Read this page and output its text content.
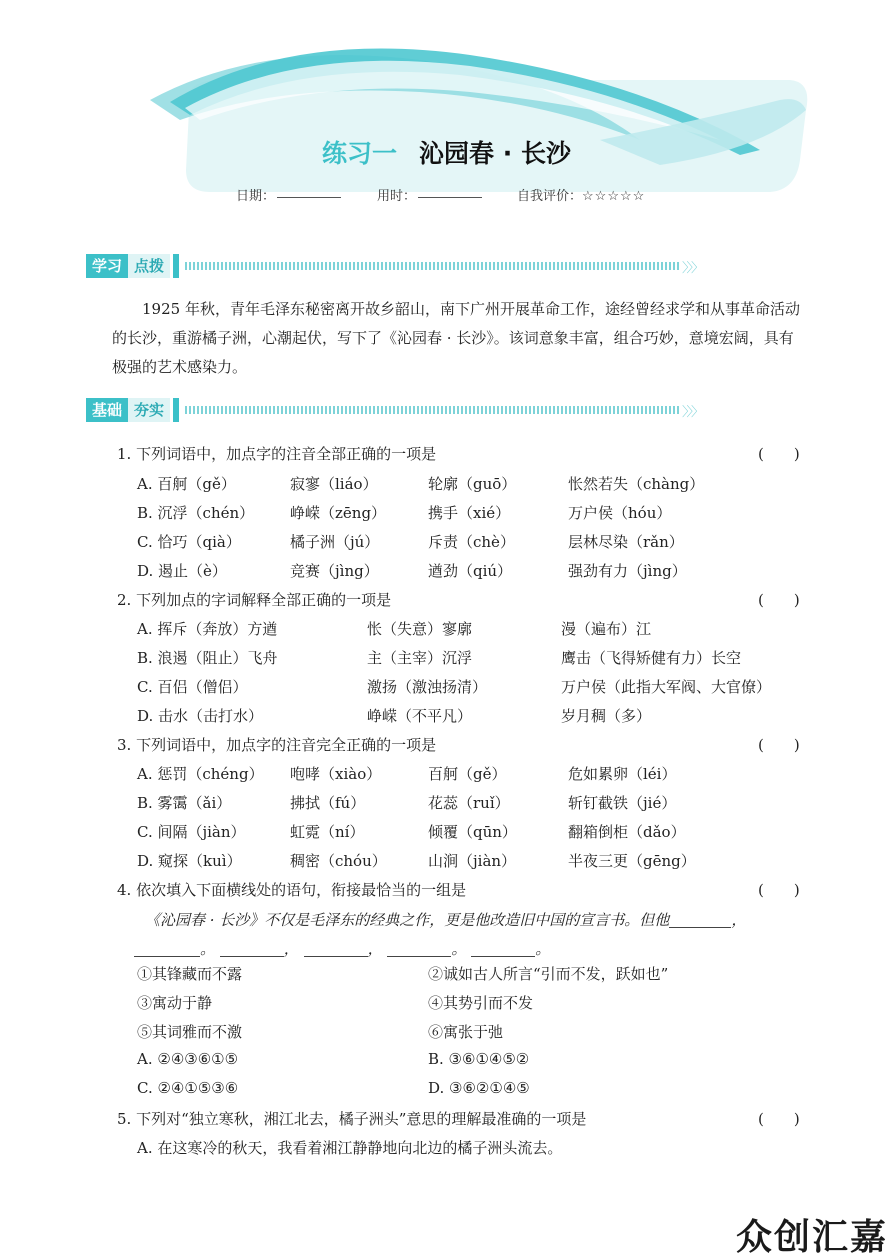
练习一 沁园春 · 长沙
日期：	用时：	自我评价：☆☆☆☆☆
学习 点拨	〉〉〉
1925 年秋，青年毛泽东秘密离开故乡韶山，南下广州开展革命工作，途经曾经求学和从事革命活动的长沙，重游橘子洲，心潮起伏，写下了《沁园春 · 长沙》。该词意象丰富，组合巧妙，意境宏阔，具有极强的艺术感染力。
基础 夯实	〉〉〉
1. 下列词语中，加点字的注音全部正确的一项是	(　　)
A. 百舸（gě）	寂寥（liáo）	轮廓（guō）	怅然若失（chàng）
B. 沉浮（chén） 峥嵘（zēng）	携手（xié）	万户侯（hóu）
C. 恰巧（qià）	橘子洲（jú）	斥责（chè）	层林尽染（rǎn）
D. 遏止（è）	竞赛（jìng）	遒劲（qiú）	强劲有力（jìng）
2. 下列加点的字词解释全部正确的一项是	(　　)
A. 挥斥（奔放）方遒	怅（失意）寥廓	漫（遍布）江
B. 浪遏（阻止）飞舟	主（主宰）沉浮	鹰击（飞得矫健有力）长空
C. 百侣（僧侣）	激扬（激浊扬清）	万户侯（此指大军阀、大官僚）
D. 击水（击打水）	峥嵘（不平凡）	岁月稠（多）
3. 下列词语中，加点字的注音完全正确的一项是	(　　)
A. 惩罚（chéng） 咆哮（xiào）	百舸（gě）	危如累卵（léi）
B. 雾霭（ǎi）	拂拭（fú）	花蕊（ruǐ）	斩钉截铁（jié）
C. 间隔（jiàn）	虹霓（ní）	倾覆（qūn）	翻箱倒柜（dǎo）
D. 窥探（kuì）	稠密（chóu）	山涧（jiàn）	半夜三更（gēng）
4. 依次填入下面横线处的语句，衔接最恰当的一组是	(　　)
《沁园春 · 长沙》不仅是毛泽东的经典之作，更是他改造旧中国的宣言书。但他	，
。	，	，	。	。
①其锋藏而不露	②诚如古人所言“引而不发，跃如也”
③寓动于静	④其势引而不发
⑤其词雅而不激	⑥寓张于弛
A. ②④③⑥①⑤	B. ③⑥①④⑤②
C. ②④①⑤③⑥	D. ③⑥②①④⑤
5. 下列对“独立寒秋，湘江北去，橘子洲头”意思的理解最准确的一项是	(　　)
A. 在这寒冷的秋天，我看着湘江静静地向北边的橘子洲头流去。
众创汇嘉
